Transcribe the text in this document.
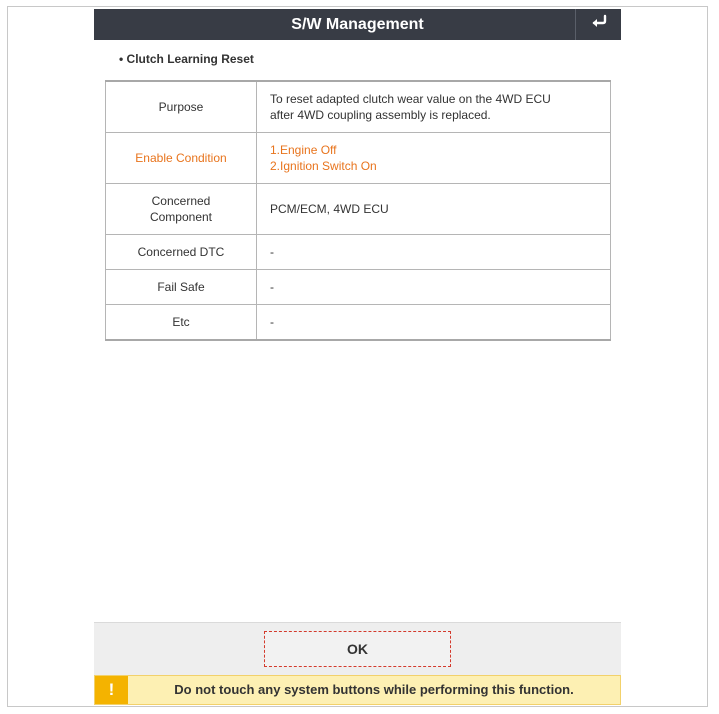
S/W Management
• Clutch Learning Reset
Purpose	To reset adapted clutch wear value on the 4WD ECU
after 4WD coupling assembly is replaced.

Enable Condition	1.Engine Off
2.Ignition Switch On

Concerned
Component	PCM/ECM, 4WD ECU
Concerned DTC	-
Fail Safe	-
Etc	-
OK
!	Do not touch any system buttons while performing this function.
